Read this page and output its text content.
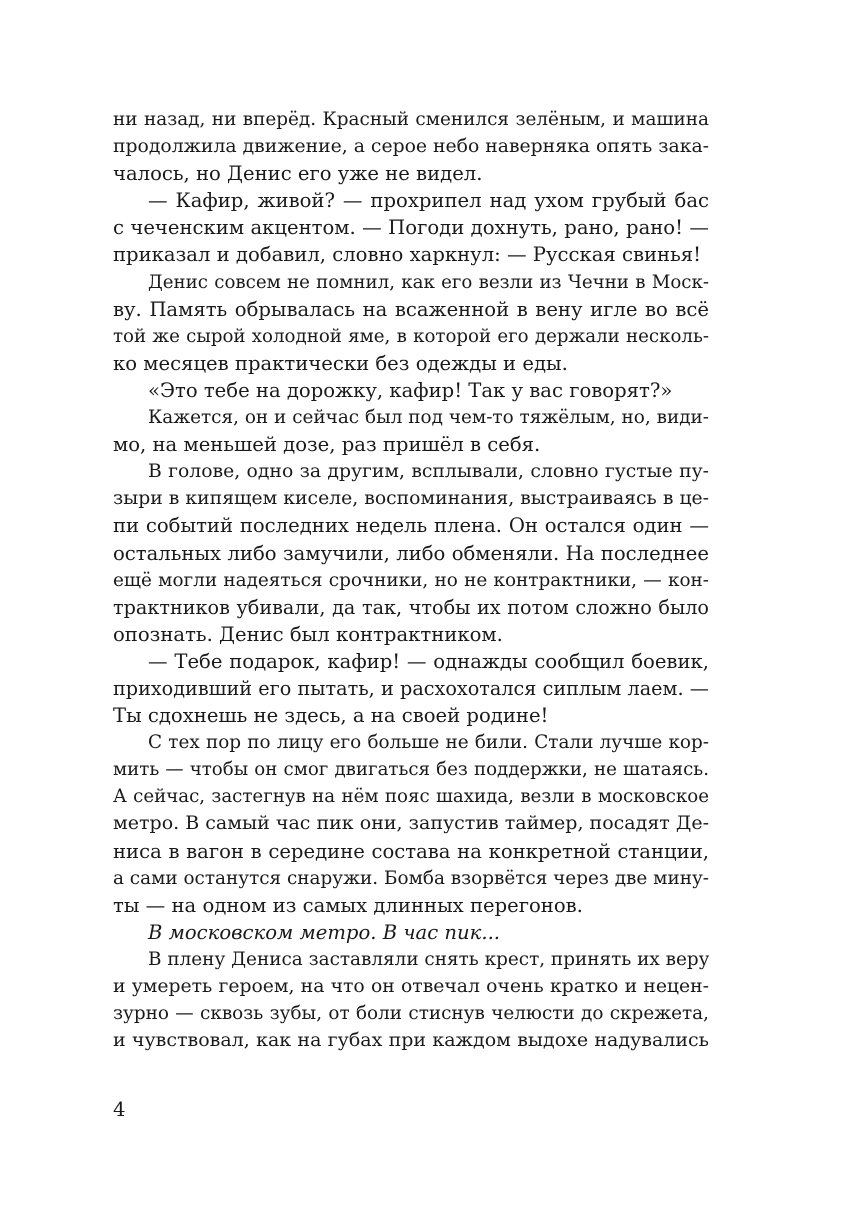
ни назад, ни вперёд. Красный сменился зелёным, и машина
продолжила движение, а серое небо наверняка опять зака-
чалось, но Денис его уже не видел.
— Кафир, живой? — прохрипел над ухом грубый бас
с чеченским акцентом. — Погоди дохнуть, рано, рано! —
приказал и добавил, словно харкнул: — Русская свинья!
Денис совсем не помнил, как его везли из Чечни в Моск-
ву. Память обрывалась на всаженной в вену игле во всё
той же сырой холодной яме, в которой его держали несколь-
ко месяцев практически без одежды и еды.
«Это тебе на дорожку, кафир! Так у вас говорят?»
Кажется, он и сейчас был под чем-то тяжёлым, но, види-
мо, на меньшей дозе, раз пришёл в себя.
В голове, одно за другим, всплывали, словно густые пу-
зыри в кипящем киселе, воспоминания, выстраиваясь в це-
пи событий последних недель плена. Он остался один —
остальных либо замучили, либо обменяли. На последнее
ещё могли надеяться срочники, но не контрактники, — кон-
трактников убивали, да так, чтобы их потом сложно было
опознать. Денис был контрактником.
— Тебе подарок, кафир! — однажды сообщил боевик,
приходивший его пытать, и расхохотался сиплым лаем. —
Ты сдохнешь не здесь, а на своей родине!
С тех пор по лицу его больше не били. Стали лучше кор-
мить — чтобы он смог двигаться без поддержки, не шатаясь.
А сейчас, застегнув на нём пояс шахида, везли в московское
метро. В самый час пик они, запустив таймер, посадят Де-
ниса в вагон в середине состава на конкретной станции,
а сами останутся снаружи. Бомба взорвётся через две мину-
ты — на одном из самых длинных перегонов.
В московском метро. В час пик...
В плену Дениса заставляли снять крест, принять их веру
и умереть героем, на что он отвечал очень кратко и нецен-
зурно — сквозь зубы, от боли стиснув челюсти до скрежета,
и чувствовал, как на губах при каждом выдохе надувались
4
